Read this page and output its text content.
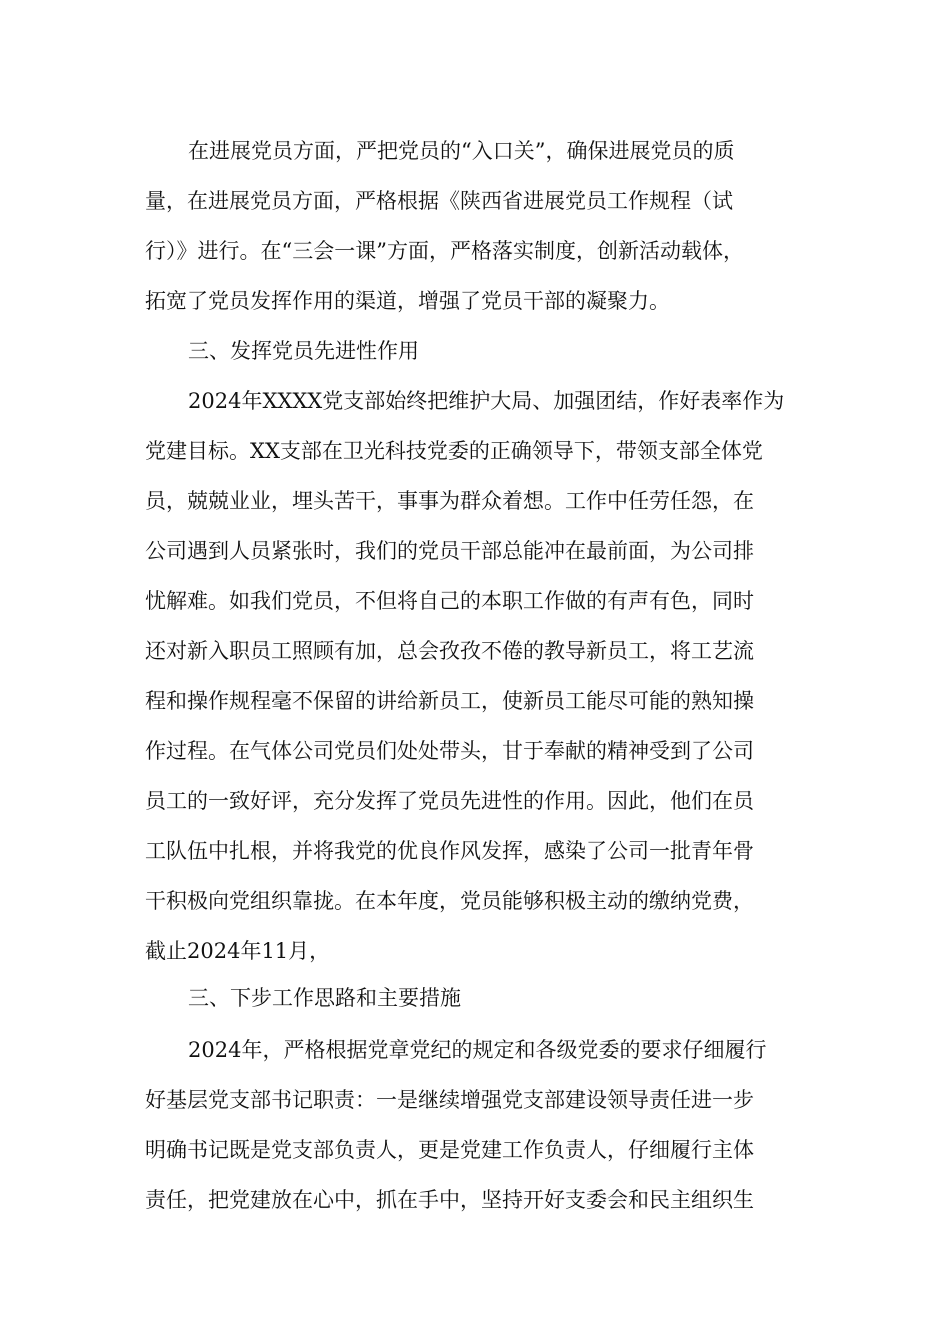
在进展党员方面，严把党员的“入口关”，确保进展党员的质
量，在进展党员方面，严格根据《陕西省进展党员工作规程（试
行）》进行。在“三会一课”方面，严格落实制度，创新活动载体，
拓宽了党员发挥作用的渠道，增强了党员干部的凝聚力。
三、发挥党员先进性作用
2024年XXXX党支部始终把维护大局、加强团结，作好表率作为
党建目标。XX支部在卫光科技党委的正确领导下，带领支部全体党
员，兢兢业业，埋头苦干，事事为群众着想。工作中任劳任怨，在
公司遇到人员紧张时，我们的党员干部总能冲在最前面，为公司排
忧解难。如我们党员，不但将自己的本职工作做的有声有色，同时
还对新入职员工照顾有加，总会孜孜不倦的教导新员工，将工艺流
程和操作规程毫不保留的讲给新员工，使新员工能尽可能的熟知操
作过程。在气体公司党员们处处带头，甘于奉献的精神受到了公司
员工的一致好评，充分发挥了党员先进性的作用。因此，他们在员
工队伍中扎根，并将我党的优良作风发挥，感染了公司一批青年骨
干积极向党组织靠拢。在本年度，党员能够积极主动的缴纳党费，
截止2024年11月，
三、下步工作思路和主要措施
2024年，严格根据党章党纪的规定和各级党委的要求仔细履行
好基层党支部书记职责：一是继续增强党支部建设领导责任进一步
明确书记既是党支部负责人，更是党建工作负责人，仔细履行主体
责任，把党建放在心中，抓在手中，坚持开好支委会和民主组织生
